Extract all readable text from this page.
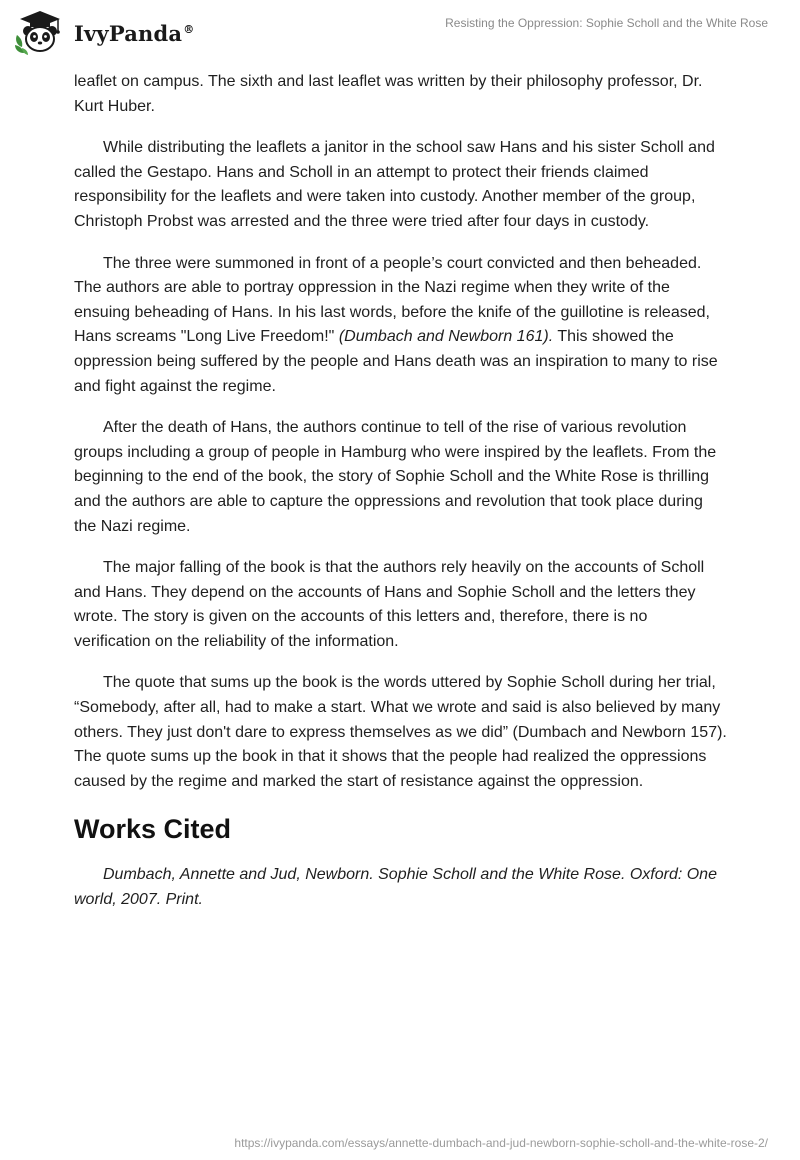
IvyPanda®	Resisting the Oppression: Sophie Scholl and the White Rose

leaflet on campus. The sixth and last leaflet was written by their philosophy professor, Dr. Kurt Huber.

While distributing the leaflets a janitor in the school saw Hans and his sister Scholl and called the Gestapo. Hans and Scholl in an attempt to protect their friends claimed responsibility for the leaflets and were taken into custody. Another member of the group, Christoph Probst was arrested and the three were tried after four days in custody.

The three were summoned in front of a people’s court convicted and then beheaded. The authors are able to portray oppression in the Nazi regime when they write of the ensuing beheading of Hans. In his last words, before the knife of the guillotine is released, Hans screams "Long Live Freedom!" (Dumbach and Newborn 161). This showed the oppression being suffered by the people and Hans death was an inspiration to many to rise and fight against the regime.

After the death of Hans, the authors continue to tell of the rise of various revolution groups including a group of people in Hamburg who were inspired by the leaflets. From the beginning to the end of the book, the story of Sophie Scholl and the White Rose is thrilling and the authors are able to capture the oppressions and revolution that took place during the Nazi regime.

The major falling of the book is that the authors rely heavily on the accounts of Scholl and Hans. They depend on the accounts of Hans and Sophie Scholl and the letters they wrote. The story is given on the accounts of this letters and, therefore, there is no verification on the reliability of the information.

The quote that sums up the book is the words uttered by Sophie Scholl during her trial, “Somebody, after all, had to make a start. What we wrote and said is also believed by many others. They just don't dare to express themselves as we did” (Dumbach and Newborn 157). The quote sums up the book in that it shows that the people had realized the oppressions caused by the regime and marked the start of resistance against the oppression.

Works Cited

Dumbach, Annette and Jud, Newborn. Sophie Scholl and the White Rose. Oxford: One world, 2007. Print.

https://ivypanda.com/essays/annette-dumbach-and-jud-newborn-sophie-scholl-and-the-white-rose-2/
